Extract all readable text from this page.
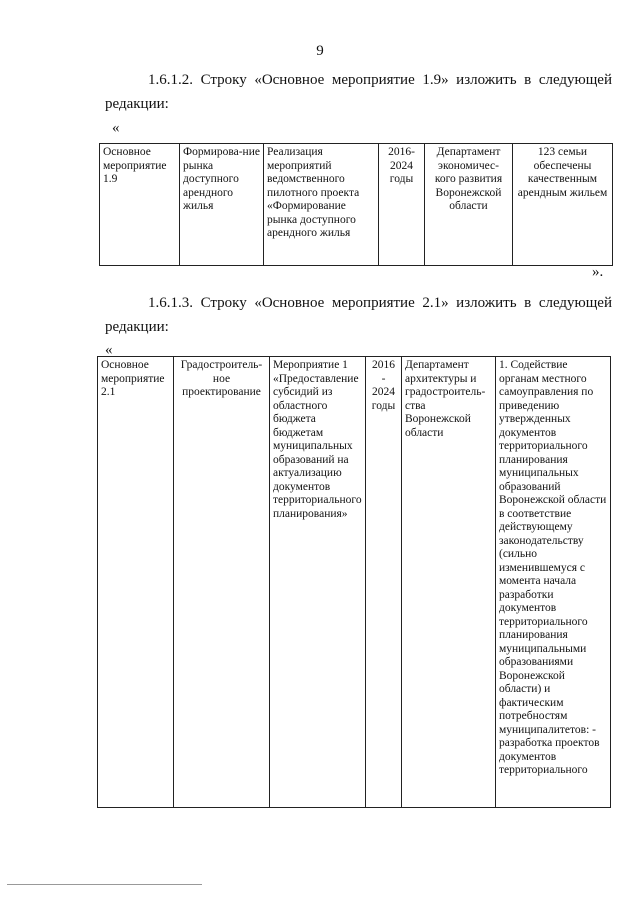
9
1.6.1.2. Строку «Основное мероприятие 1.9» изложить в следующей
редакции:
«
Основное мероприятие 1.9	Формирова-ние рынка доступного арендного жилья	Реализация мероприятий ведомственного пилотного проекта «Формирование рынка доступного арендного жилья	2016-2024 годы	Департамент экономичес-кого развития Воронежской области	123 семьи обеспечены качественным арендным жильем
».
1.6.1.3. Строку «Основное мероприятие 2.1» изложить в следующей
редакции:
«
Основное мероприятие 2.1	Градостроитель-ное проектирование	Мероприятие 1 «Предоставление субсидий из областного бюджета бюджетам муниципальных образований на актуализацию документов территориального планирования»	2016 - 2024 годы	Департамент архитектуры и градостроитель-ства Воронежской области	1. Содействие органам местного самоуправления по приведению утвержденных документов территориального планирования муниципальных образований Воронежской области в соответствие действующему законодательству (сильно изменившемуся с момента начала разработки документов территориального планирования муниципальными образованиями Воронежской области) и фактическим потребностям муниципалитетов: - разработка проектов документов территориального
